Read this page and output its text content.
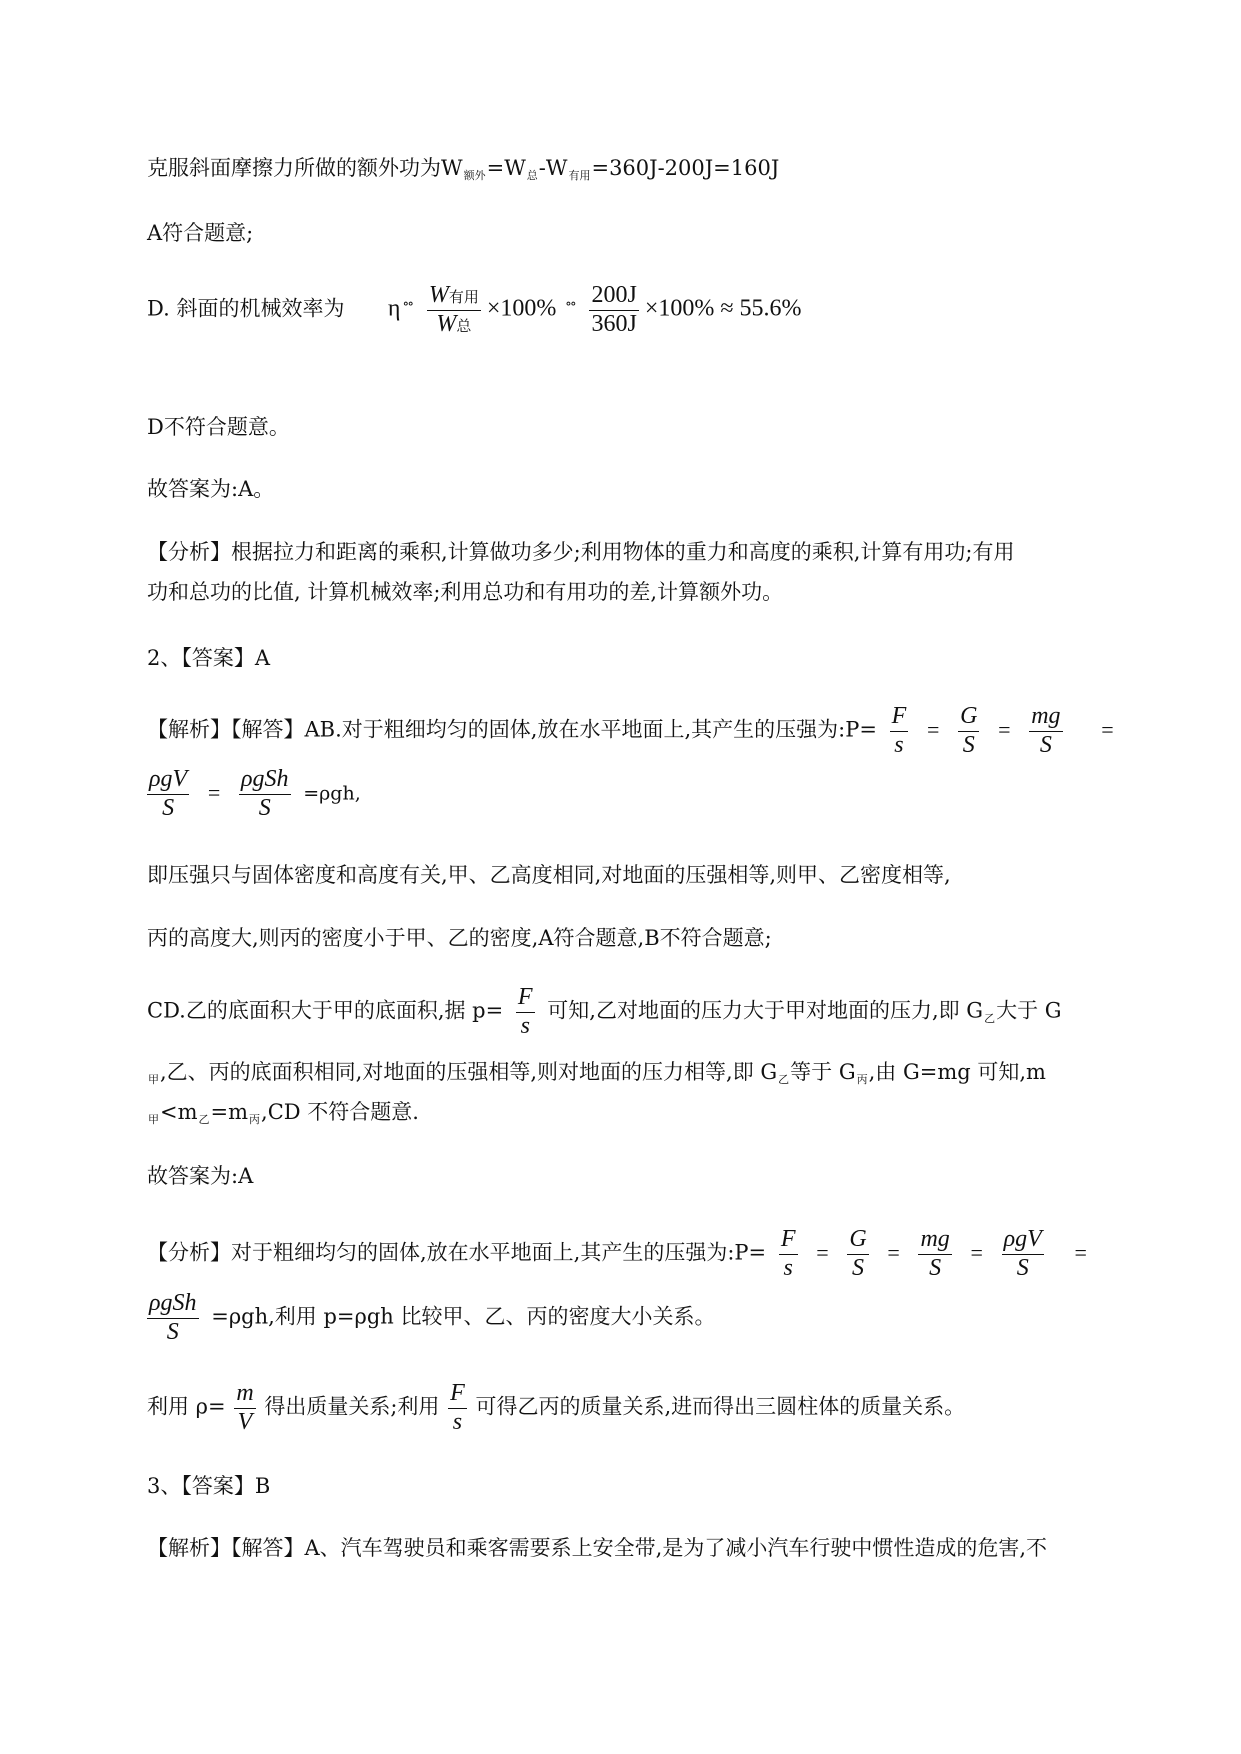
克服斜面摩擦力所做的额外功为W额外=W总-W有用=360J-200J=160J
A符合题意;
D. 斜面的机械效率为 η $^{\circ\circ} \frac{\text{W有用}}{\text{W总}} \times 100\%$ $^{\circ\circ} \frac{200J}{360J} \times 100\% \approx 55.6\%$
D不符合题意。
故答案为:A。
【分析】根据拉力和距离的乘积,计算做功多少;利用物体的重力和高度的乘积,计算有用功;有用
功和总功的比值, 计算机械效率;利用总功和有用功的差,计算额外功。
2、【答案】A
【解析】【解答】AB.对于粗细均匀的固体,放在水平地面上,其产生的压强为:P= $\frac{F}{s} = \frac{G}{S} = \frac{mg}{S}$ =
$\frac{\text{ρgV}}{S} = \frac{\text{ρgSh}}{S} =\rho gh$,
即压强只与固体密度和高度有关,甲、乙高度相同,对地面的压强相等,则甲、乙密度相等,
丙的高度大,则丙的密度小于甲、乙的密度,A符合题意,B不符合题意;
CD.乙的底面积大于甲的底面积,据 $p= \frac{F}{s}$ 可知,乙对地面的压力大于甲对地面的压力,即 G乙大于 G
甲,乙、丙的底面积相同,对地面的压强相等,则对地面的压力相等,即 G乙等于 G丙,由 G=mg 可知,m
甲<m乙=m丙,CD 不符合题意.
故答案为:A
【分析】对于粗细均匀的固体,放在水平地面上,其产生的压强为:P= $\frac{F}{s} = \frac{G}{S} = \frac{mg}{S} = \frac{\text{ρgV}}{S}$ =
$\frac{\text{ρgSh}}{S} =\rho gh$,利用 p=ρgh 比较甲、乙、丙的密度大小关系。
利用 $\rho= \frac{m}{V}$ 得出质量关系;利用 $\frac{F}{s}$ 可得乙丙的质量关系,进而得出三圆柱体的质量关系。
3、【答案】B
【解析】【解答】A、汽车驾驶员和乘客需要系上安全带,是为了减小汽车行驶中惯性造成的危害,不
